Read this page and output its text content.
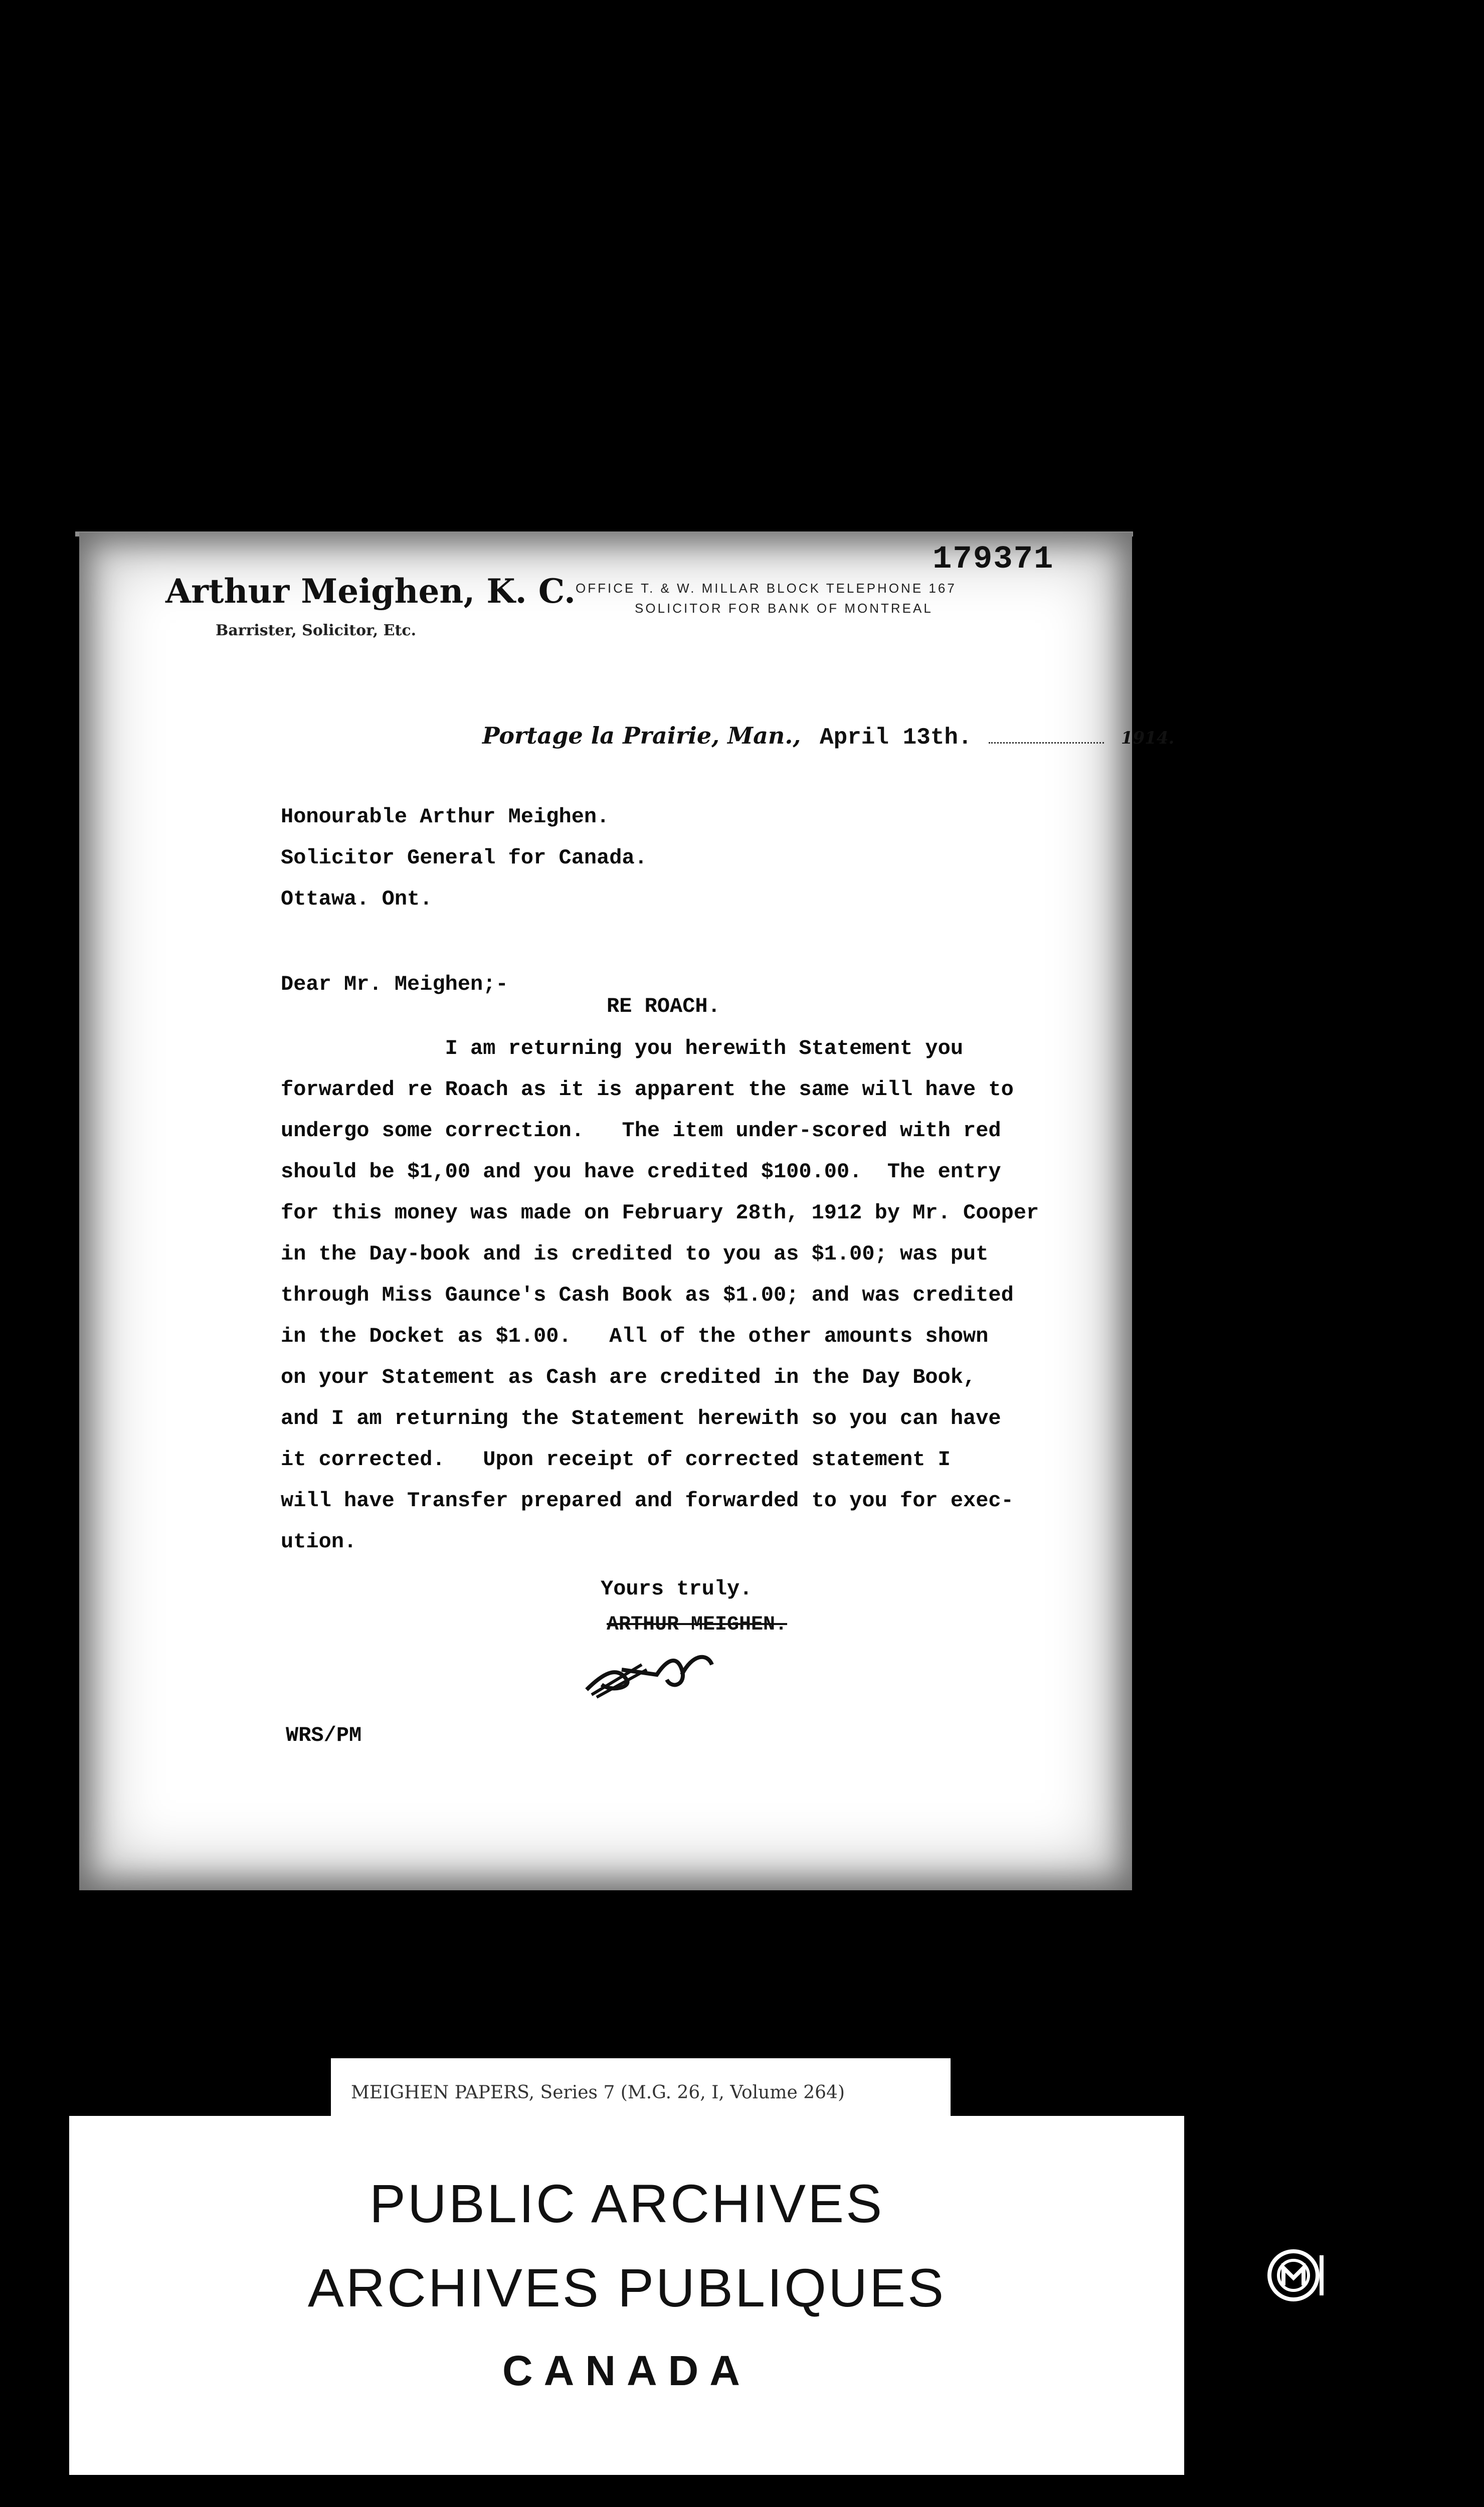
179371
Arthur Meighen, K. C.
Barrister, Solicitor, Etc.
OFFICE T. & W. MILLAR BLOCK TELEPHONE 167
SOLICITOR FOR BANK OF MONTREAL
Portage la Prairie, Man., April 13th.	1914.
Honourable Arthur Meighen.
Solicitor General for Canada.
Ottawa. Ont.
Dear Mr. Meighen;-
RE ROACH.
I am returning you herewith Statement you
forwarded re Roach as it is apparent the same will have to
undergo some correction.   The item under-scored with red
should be $1,00 and you have credited $100.00.  The entry
for this money was made on February 28th, 1912 by Mr. Cooper
in the Day-book and is credited to you as $1.00; was put
through Miss Gaunce's Cash Book as $1.00; and was credited
in the Docket as $1.00.   All of the other amounts shown
on your Statement as Cash are credited in the Day Book,
and I am returning the Statement herewith so you can have
it corrected.   Upon receipt of corrected statement I
will have Transfer prepared and forwarded to you for exec-
ution.
Yours truly.
ARTHUR MEIGHEN.
WRS/PM
MEIGHEN PAPERS, Series 7 (M.G. 26, I, Volume 264)
PUBLIC ARCHIVES
ARCHIVES PUBLIQUES
CANADA
